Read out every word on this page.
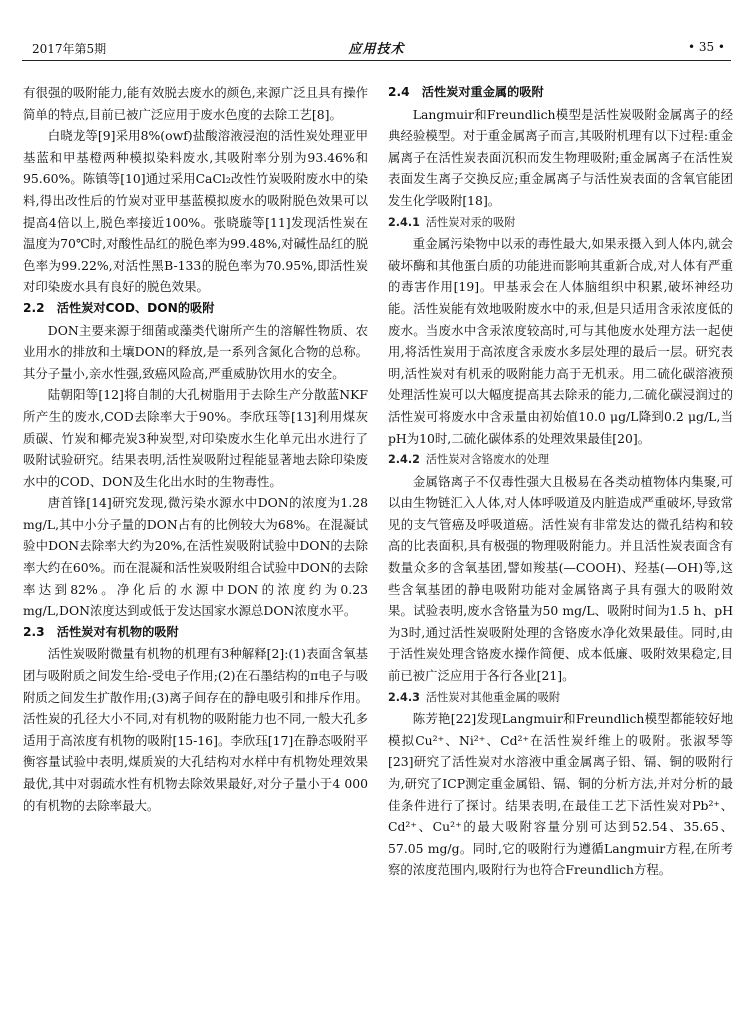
2017年第5期	应用技术	• 35 •

有很强的吸附能力,能有效脱去废水的颜色,来源广泛且具有操作简单的特点,目前已被广泛应用于废水色度的去除工艺[8]。

白晓龙等[9]采用8%(owf)盐酸溶液浸泡的活性炭处理亚甲基蓝和甲基橙两种模拟染料废水,其吸附率分别为93.46%和95.60%。陈镇等[10]通过采用CaCl₂改性竹炭吸附废水中的染料,得出改性后的竹炭对亚甲基蓝模拟废水的吸附脱色效果可以提高4倍以上,脱色率接近100%。张晓璇等[11]发现活性炭在温度为70℃时,对酸性品红的脱色率为99.48%,对碱性品红的脱色率为99.22%,对活性黑B-133的脱色率为70.95%,即活性炭对印染废水具有良好的脱色效果。

2.2　活性炭对COD、DON的吸附

DON主要来源于细菌或藻类代谢所产生的溶解性物质、农业用水的排放和土壤DON的释放,是一系列含氮化合物的总称。其分子量小,亲水性强,致癌风险高,严重威胁饮用水的安全。

陆朝阳等[12]将自制的大孔树脂用于去除生产分散蓝NKF所产生的废水,COD去除率大于90%。李欣珏等[13]利用煤灰质碳、竹炭和椰壳炭3种炭型,对印染废水生化单元出水进行了吸附试验研究。结果表明,活性炭吸附过程能显著地去除印染废水中的COD、DON及生化出水时的生物毒性。

唐首锋[14]研究发现,微污染水源水中DON的浓度为1.28 mg/L,其中小分子量的DON占有的比例较大为68%。在混凝试验中DON去除率大约为20%,在活性炭吸附试验中DON的去除率大约在60%。而在混凝和活性炭吸附组合试验中DON的去除率达到82%。净化后的水源中DON的浓度约为0.23 mg/L,DON浓度达到或低于发达国家水源总DON浓度水平。

2.3　活性炭对有机物的吸附

活性炭吸附微量有机物的机理有3种解释[2]:(1)表面含氧基团与吸附质之间发生给-受电子作用;(2)在石墨结构的π电子与吸附质之间发生扩散作用;(3)离子间存在的静电吸引和排斥作用。活性炭的孔径大小不同,对有机物的吸附能力也不同,一般大孔多适用于高浓度有机物的吸附[15-16]。李欣珏[17]在静态吸附平衡容量试验中表明,煤质炭的大孔结构对水样中有机物处理效果最优,其中对弱疏水性有机物去除效果最好,对分子量小于4 000的有机物的去除率最大。

2.4　活性炭对重金属的吸附

Langmuir和Freundlich模型是活性炭吸附金属离子的经典经验模型。对于重金属离子而言,其吸附机理有以下过程:重金属离子在活性炭表面沉积而发生物理吸附;重金属离子在活性炭表面发生离子交换反应;重金属离子与活性炭表面的含氧官能团发生化学吸附[18]。

2.4.1 活性炭对汞的吸附

重金属污染物中以汞的毒性最大,如果汞摄入到人体内,就会破坏酶和其他蛋白质的功能进而影响其重新合成,对人体有严重的毒害作用[19]。甲基汞会在人体脑组织中积累,破坏神经功能。活性炭能有效地吸附废水中的汞,但是只适用含汞浓度低的废水。当废水中含汞浓度较高时,可与其他废水处理方法一起使用,将活性炭用于高浓度含汞废水多层处理的最后一层。研究表明,活性炭对有机汞的吸附能力高于无机汞。用二硫化碳溶液预处理活性炭可以大幅度提高其去除汞的能力,二硫化碳浸润过的活性炭可将废水中含汞量由初始值10.0 μg/L降到0.2 μg/L,当pH为10时,二硫化碳体系的处理效果最佳[20]。

2.4.2 活性炭对含铬废水的处理

金属铬离子不仅毒性强大且极易在各类动植物体内集聚,可以由生物链汇入人体,对人体呼吸道及内脏造成严重破坏,导致常见的支气管癌及呼吸道癌。活性炭有非常发达的微孔结构和较高的比表面积,具有极强的物理吸附能力。并且活性炭表面含有数量众多的含氧基团,譬如羧基(—COOH)、羟基(—OH)等,这些含氧基团的静电吸附功能对金属铬离子具有强大的吸附效果。试验表明,废水含铬量为50 mg/L、吸附时间为1.5 h、pH为3时,通过活性炭吸附处理的含铬废水净化效果最佳。同时,由于活性炭处理含铬废水操作简便、成本低廉、吸附效果稳定,目前已被广泛应用于各行各业[21]。

2.4.3 活性炭对其他重金属的吸附

陈芳艳[22]发现Langmuir和Freundlich模型都能较好地模拟Cu²⁺、Ni²⁺、Cd²⁺在活性炭纤维上的吸附。张淑琴等[23]研究了活性炭对水溶液中重金属离子铅、镉、铜的吸附行为,研究了ICP测定重金属铅、镉、铜的分析方法,并对分析的最佳条件进行了探讨。结果表明,在最佳工艺下活性炭对Pb²⁺、Cd²⁺、Cu²⁺的最大吸附容量分别可达到52.54、35.65、57.05 mg/g。同时,它的吸附行为遵循Langmuir方程,在所考察的浓度范围内,吸附行为也符合Freundlich方程。
